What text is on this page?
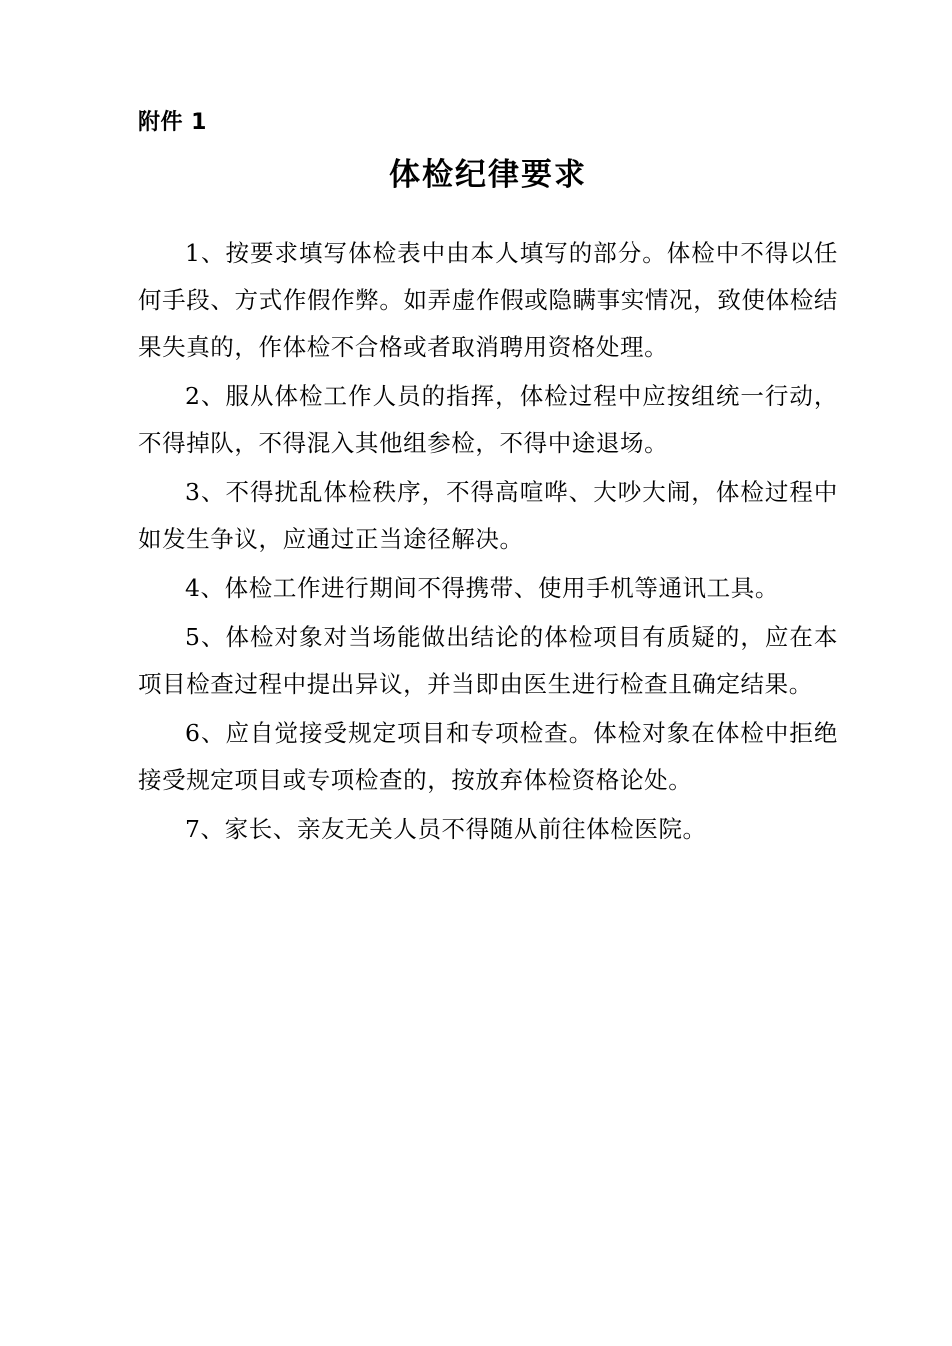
附件 1
体检纪律要求

1、按要求填写体检表中由本人填写的部分。体检中不得以任何手段、方式作假作弊。如弄虚作假或隐瞒事实情况，致使体检结果失真的，作体检不合格或者取消聘用资格处理。

2、服从体检工作人员的指挥，体检过程中应按组统一行动，不得掉队，不得混入其他组参检，不得中途退场。

3、不得扰乱体检秩序，不得高喧哗、大吵大闹，体检过程中如发生争议，应通过正当途径解决。

4、体检工作进行期间不得携带、使用手机等通讯工具。

5、体检对象对当场能做出结论的体检项目有质疑的，应在本项目检查过程中提出异议，并当即由医生进行检查且确定结果。

6、应自觉接受规定项目和专项检查。体检对象在体检中拒绝接受规定项目或专项检查的，按放弃体检资格论处。

7、家长、亲友无关人员不得随从前往体检医院。
